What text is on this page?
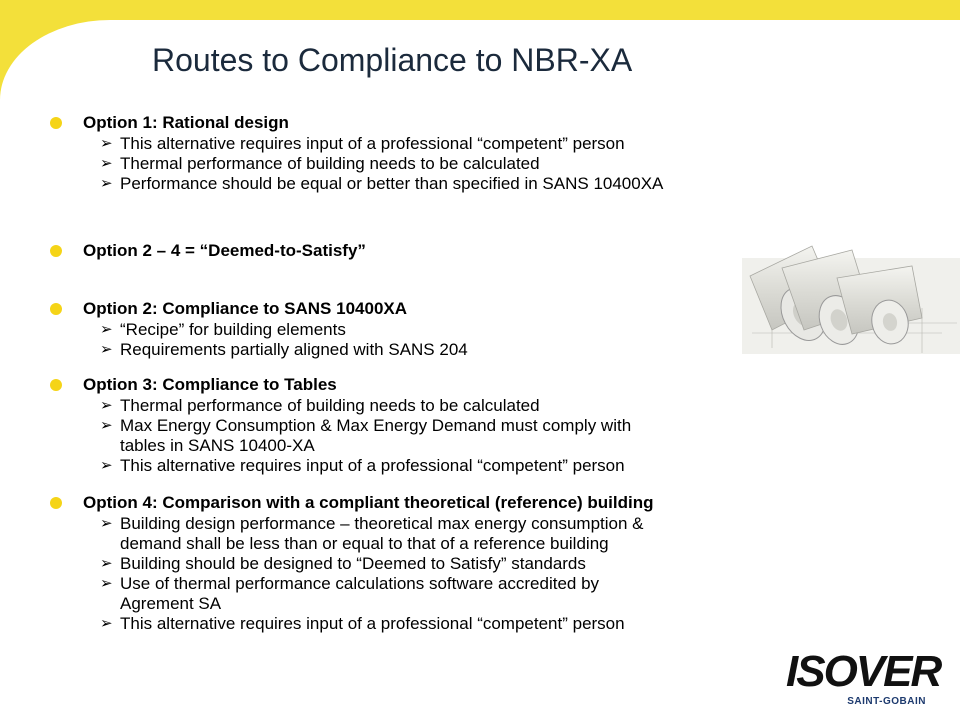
Routes to Compliance to NBR-XA
Option 1: Rational design
➢ This alternative requires input of a professional “competent” person
➢ Thermal performance of building needs to be calculated
➢ Performance should be equal or better than specified in SANS 10400XA
Option 2 – 4 = “Deemed-to-Satisfy”
Option 2: Compliance to SANS 10400XA
➢ “Recipe” for building elements
➢ Requirements partially aligned with SANS 204
Option 3: Compliance to Tables
➢ Thermal performance of building needs to be calculated
➢ Max Energy Consumption & Max Energy Demand must comply with
tables in SANS 10400-XA
➢ This alternative requires input of a professional “competent” person
Option 4: Comparison with a compliant theoretical (reference) building
➢ Building design performance – theoretical max energy consumption &
demand shall be less than or equal to that of a reference building
➢ Building should be designed to “Deemed to Satisfy” standards
➢ Use of thermal performance calculations software accredited by
Agrement SA
➢ This alternative requires input of a professional “competent” person
ISOVER
SAINT-GOBAIN
